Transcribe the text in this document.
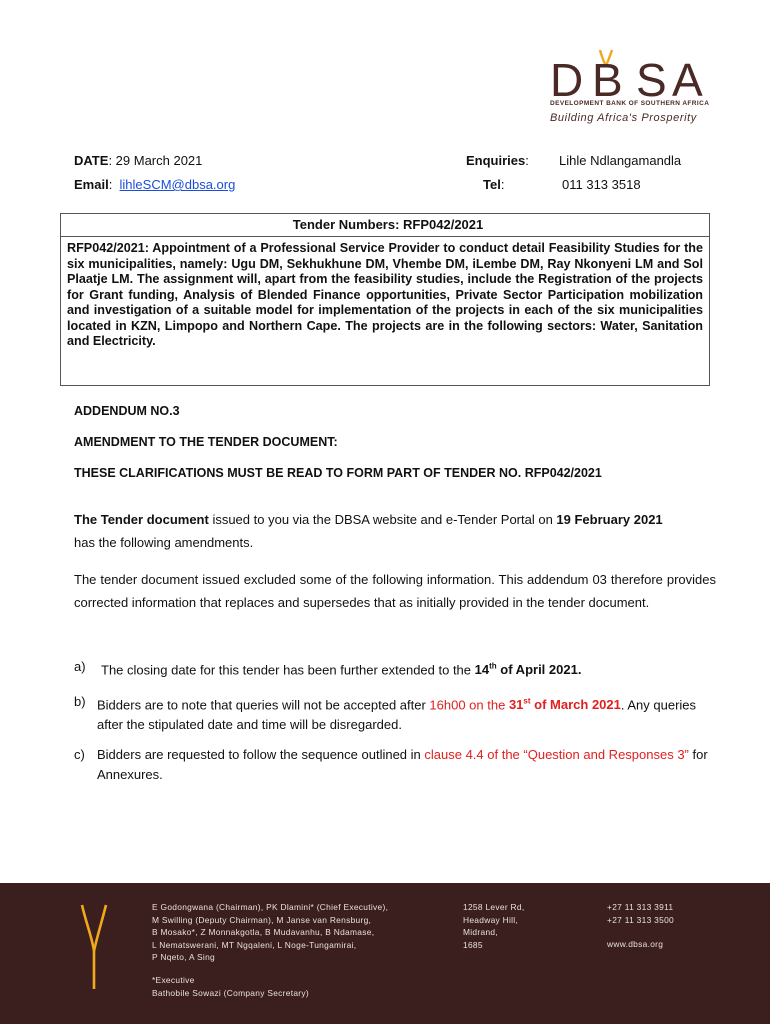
D B S A
DEVELOPMENT BANK OF SOUTHERN AFRICA
Building Africa's Prosperity
DATE: 29 March 2021
Email:  lihleSCM@dbsa.org
Enquiries: Lihle Ndlangamandla
Tel:	011 313 3518
Tender Numbers: RFP042/2021
RFP042/2021: Appointment of a Professional Service Provider to conduct detail Feasibility Studies for the six municipalities, namely: Ugu DM, Sekhukhune DM, Vhembe DM, iLembe DM, Ray Nkonyeni LM and Sol Plaatje LM. The assignment will, apart from the feasibility studies, include the Registration of the projects for Grant funding, Analysis of Blended Finance opportunities, Private Sector Participation mobilization and investigation of a suitable model for implementation of the projects in each of the six municipalities located in KZN, Limpopo and Northern Cape. The projects are in the following sectors: Water, Sanitation and Electricity.
ADDENDUM NO.3
AMENDMENT TO THE TENDER DOCUMENT:
THESE CLARIFICATIONS MUST BE READ TO FORM PART OF TENDER NO. RFP042/2021
The Tender document issued to you via the DBSA website and e-Tender Portal on 19 February 2021
has the following amendments.
The tender document issued excluded some of the following information. This addendum 03 therefore provides corrected information that replaces and supersedes that as initially provided in the tender document.
a) The closing date for this tender has been further extended to the 14th of April 2021.
b) Bidders are to note that queries will not be accepted after 16h00 on the 31st of March 2021. Any queries after the stipulated date and time will be disregarded.
c) Bidders are requested to follow the sequence outlined in clause 4.4 of the “Question and Responses 3” for Annexures.
E Godongwana (Chairman), PK Dlamini* (Chief Executive),
M Swilling (Deputy Chairman), M Janse van Rensburg,
B Mosako*, Z Monnakgotla, B Mudavanhu, B Ndamase,
L Nematswerani, MT Ngqaleni, L Noge-Tungamirai,
P Nqeto, A Sing
*Executive
Bathobile Sowazi (Company Secretary)
1258 Lever Rd,
Headway Hill,
Midrand,
1685
+27 11 313 3911
+27 11 313 3500
www.dbsa.org
